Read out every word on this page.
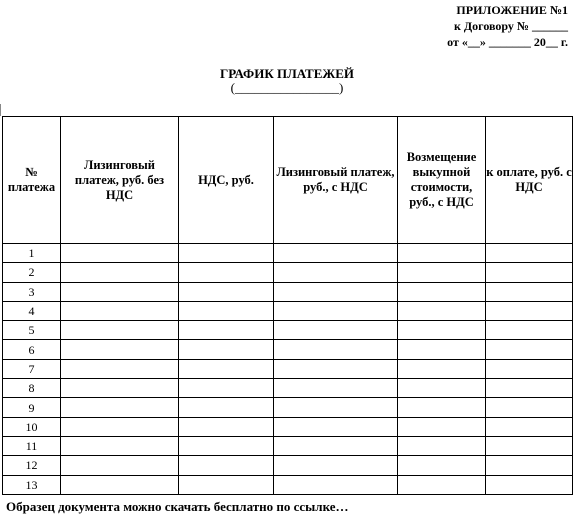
ПРИЛОЖЕНИЕ №1
к Договору № ______
от «__» _______ 20__ г.
ГРАФИК ПЛАТЕЖЕЙ
(________________)
№ платежа	Лизинговый платеж, руб. без НДС	НДС, руб.	Лизинговый платеж, руб., с НДС	Возмещение выкупной стоимости, руб., с НДС	к оплате, руб. с НДС
1					
2					
3					
4					
5					
6					
7					
8					
9					
10					
11					
12					
13					
Образец документа можно скачать бесплатно по ссылке…
